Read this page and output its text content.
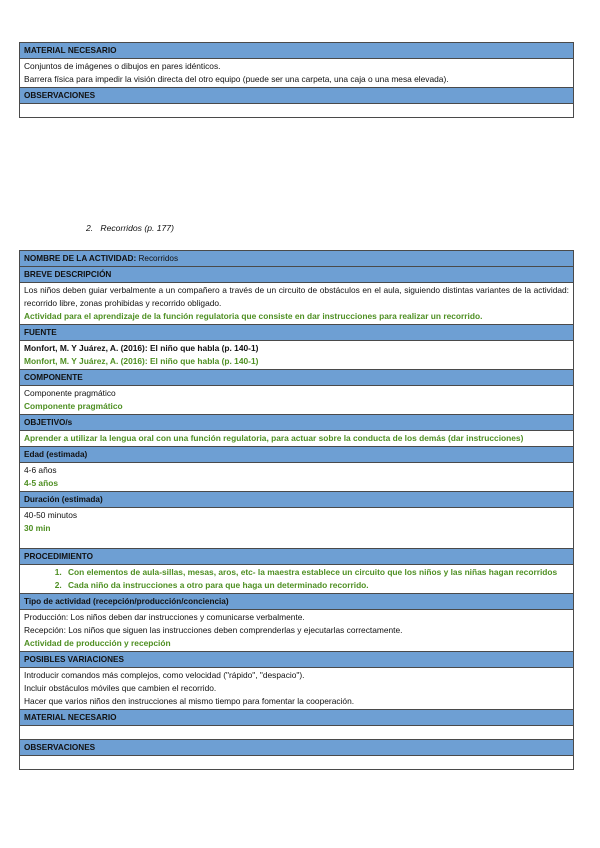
MATERIAL NECESARIO

Conjuntos de imágenes o dibujos en pares idénticos.

Barrera física para impedir la visión directa del otro equipo (puede ser una carpeta, una caja o una mesa elevada).

OBSERVACIONES

2. Recorridos (p. 177)
NOMBRE DE LA ACTIVIDAD: Recorridos
BREVE DESCRIPCIÓN

Los niños deben guiar verbalmente a un compañero a través de un circuito de obstáculos en el aula, siguiendo distintas variantes de la actividad: recorrido libre, zonas prohibidas y recorrido obligado.

Actividad para el aprendizaje de la función regulatoria que consiste en dar instrucciones para realizar un recorrido.

FUENTE

Monfort, M. Y Juárez, A. (2016): El niño que habla (p. 140-1)

Monfort, M. Y Juárez, A. (2016): El niño que habla (p. 140-1)

COMPONENTE

Componente pragmático

Componente pragmático

OBJETIVO/s

Aprender a utilizar la lengua oral con una función regulatoria, para actuar sobre la conducta de los demás (dar instrucciones)

Edad (estimada)

4-6 años

4-5 años

Duración (estimada)

40-50 minutos

30 min

PROCEDIMIENTO

1. Con elementos de aula-sillas, mesas, aros, etc- la maestra establece un circuito que los niños y las niñas hagan recorridos
2. Cada niño da instrucciones a otro para que haga un determinado recorrido.

Tipo de actividad (recepción/producción/conciencia)

Producción: Los niños deben dar instrucciones y comunicarse verbalmente.

Recepción: Los niños que siguen las instrucciones deben comprenderlas y ejecutarlas correctamente.

Actividad de producción y recepción

POSIBLES VARIACIONES

Introducir comandos más complejos, como velocidad ("rápido", "despacio").

Incluir obstáculos móviles que cambien el recorrido.

Hacer que varios niños den instrucciones al mismo tiempo para fomentar la cooperación.

MATERIAL NECESARIO

OBSERVACIONES
